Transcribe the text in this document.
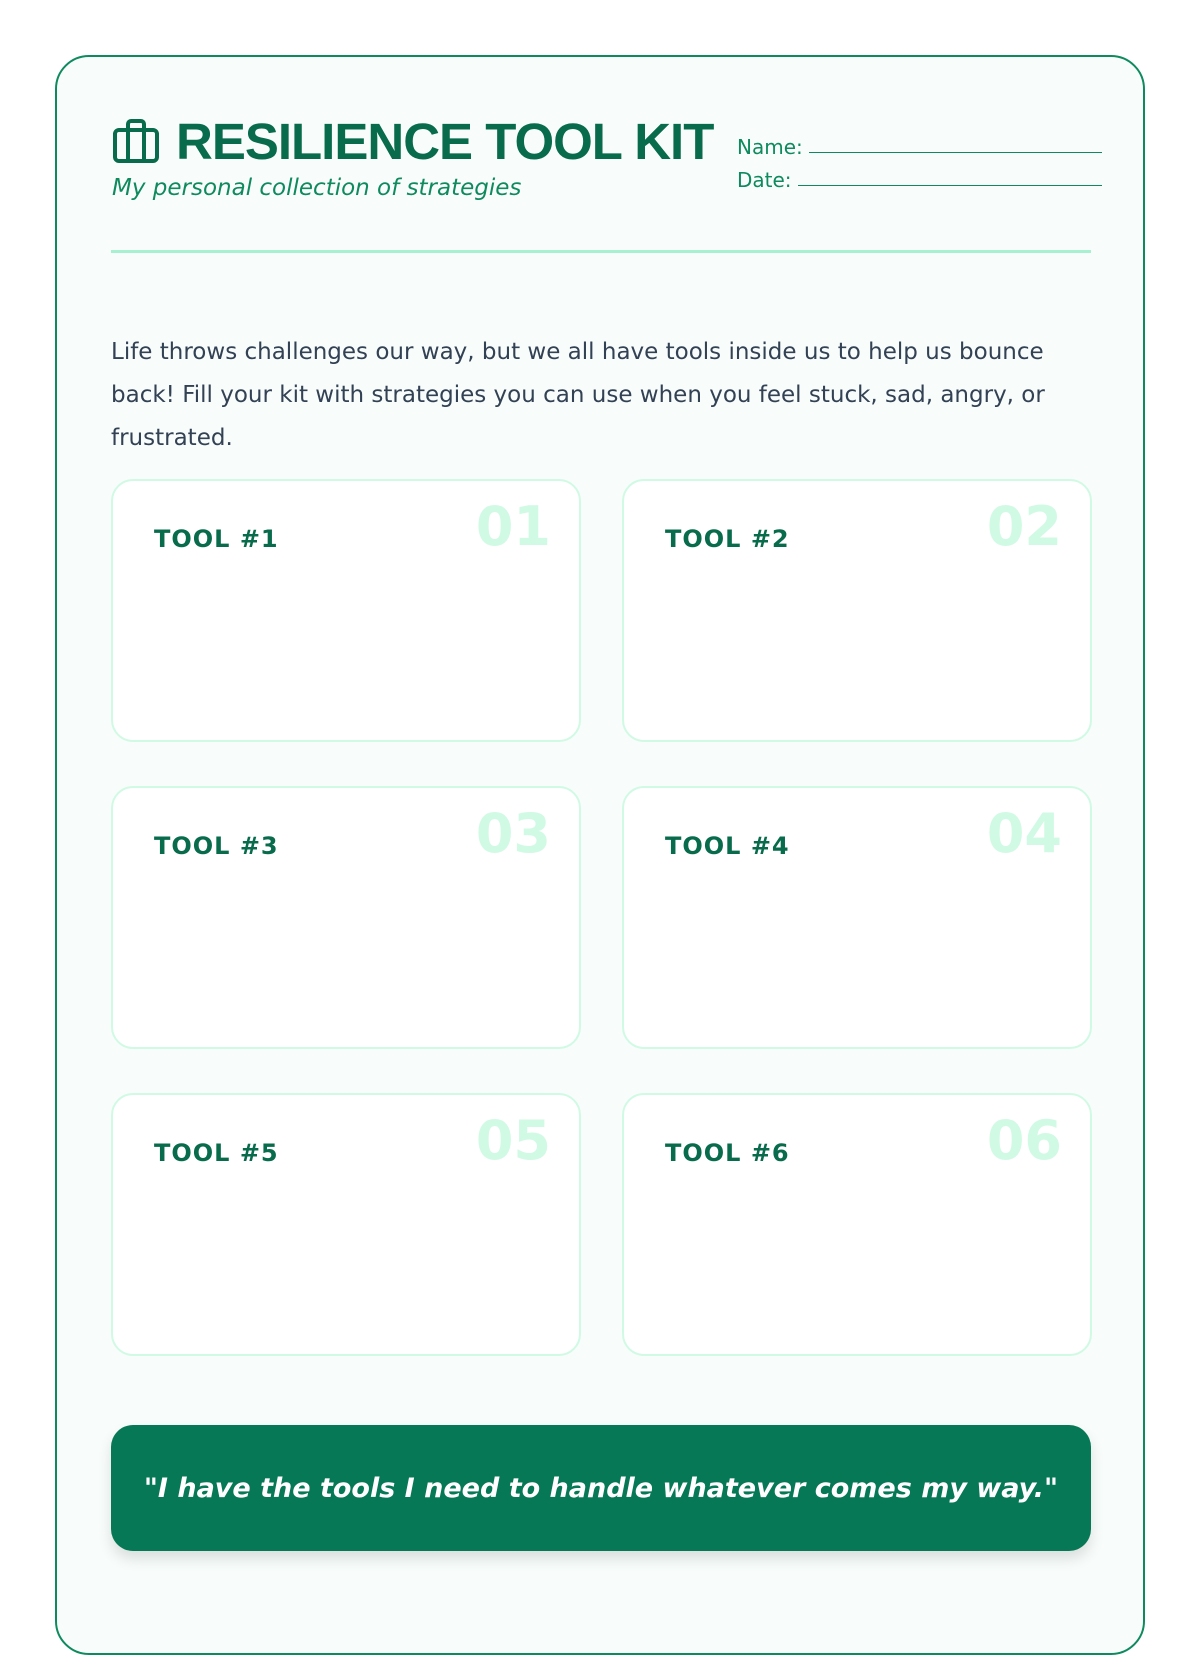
RESILIENCE TOOL KIT
My personal collection of strategies
Name:
Date:

Life throws challenges our way, but we all have tools inside us to help us bounce back! Fill your kit with strategies you can use when you feel stuck, sad, angry, or frustrated.

TOOL #1	01	TOOL #2	02
TOOL #3	03	TOOL #4	04
TOOL #5	05	TOOL #6	06
"I have the tools I need to handle whatever comes my way."
